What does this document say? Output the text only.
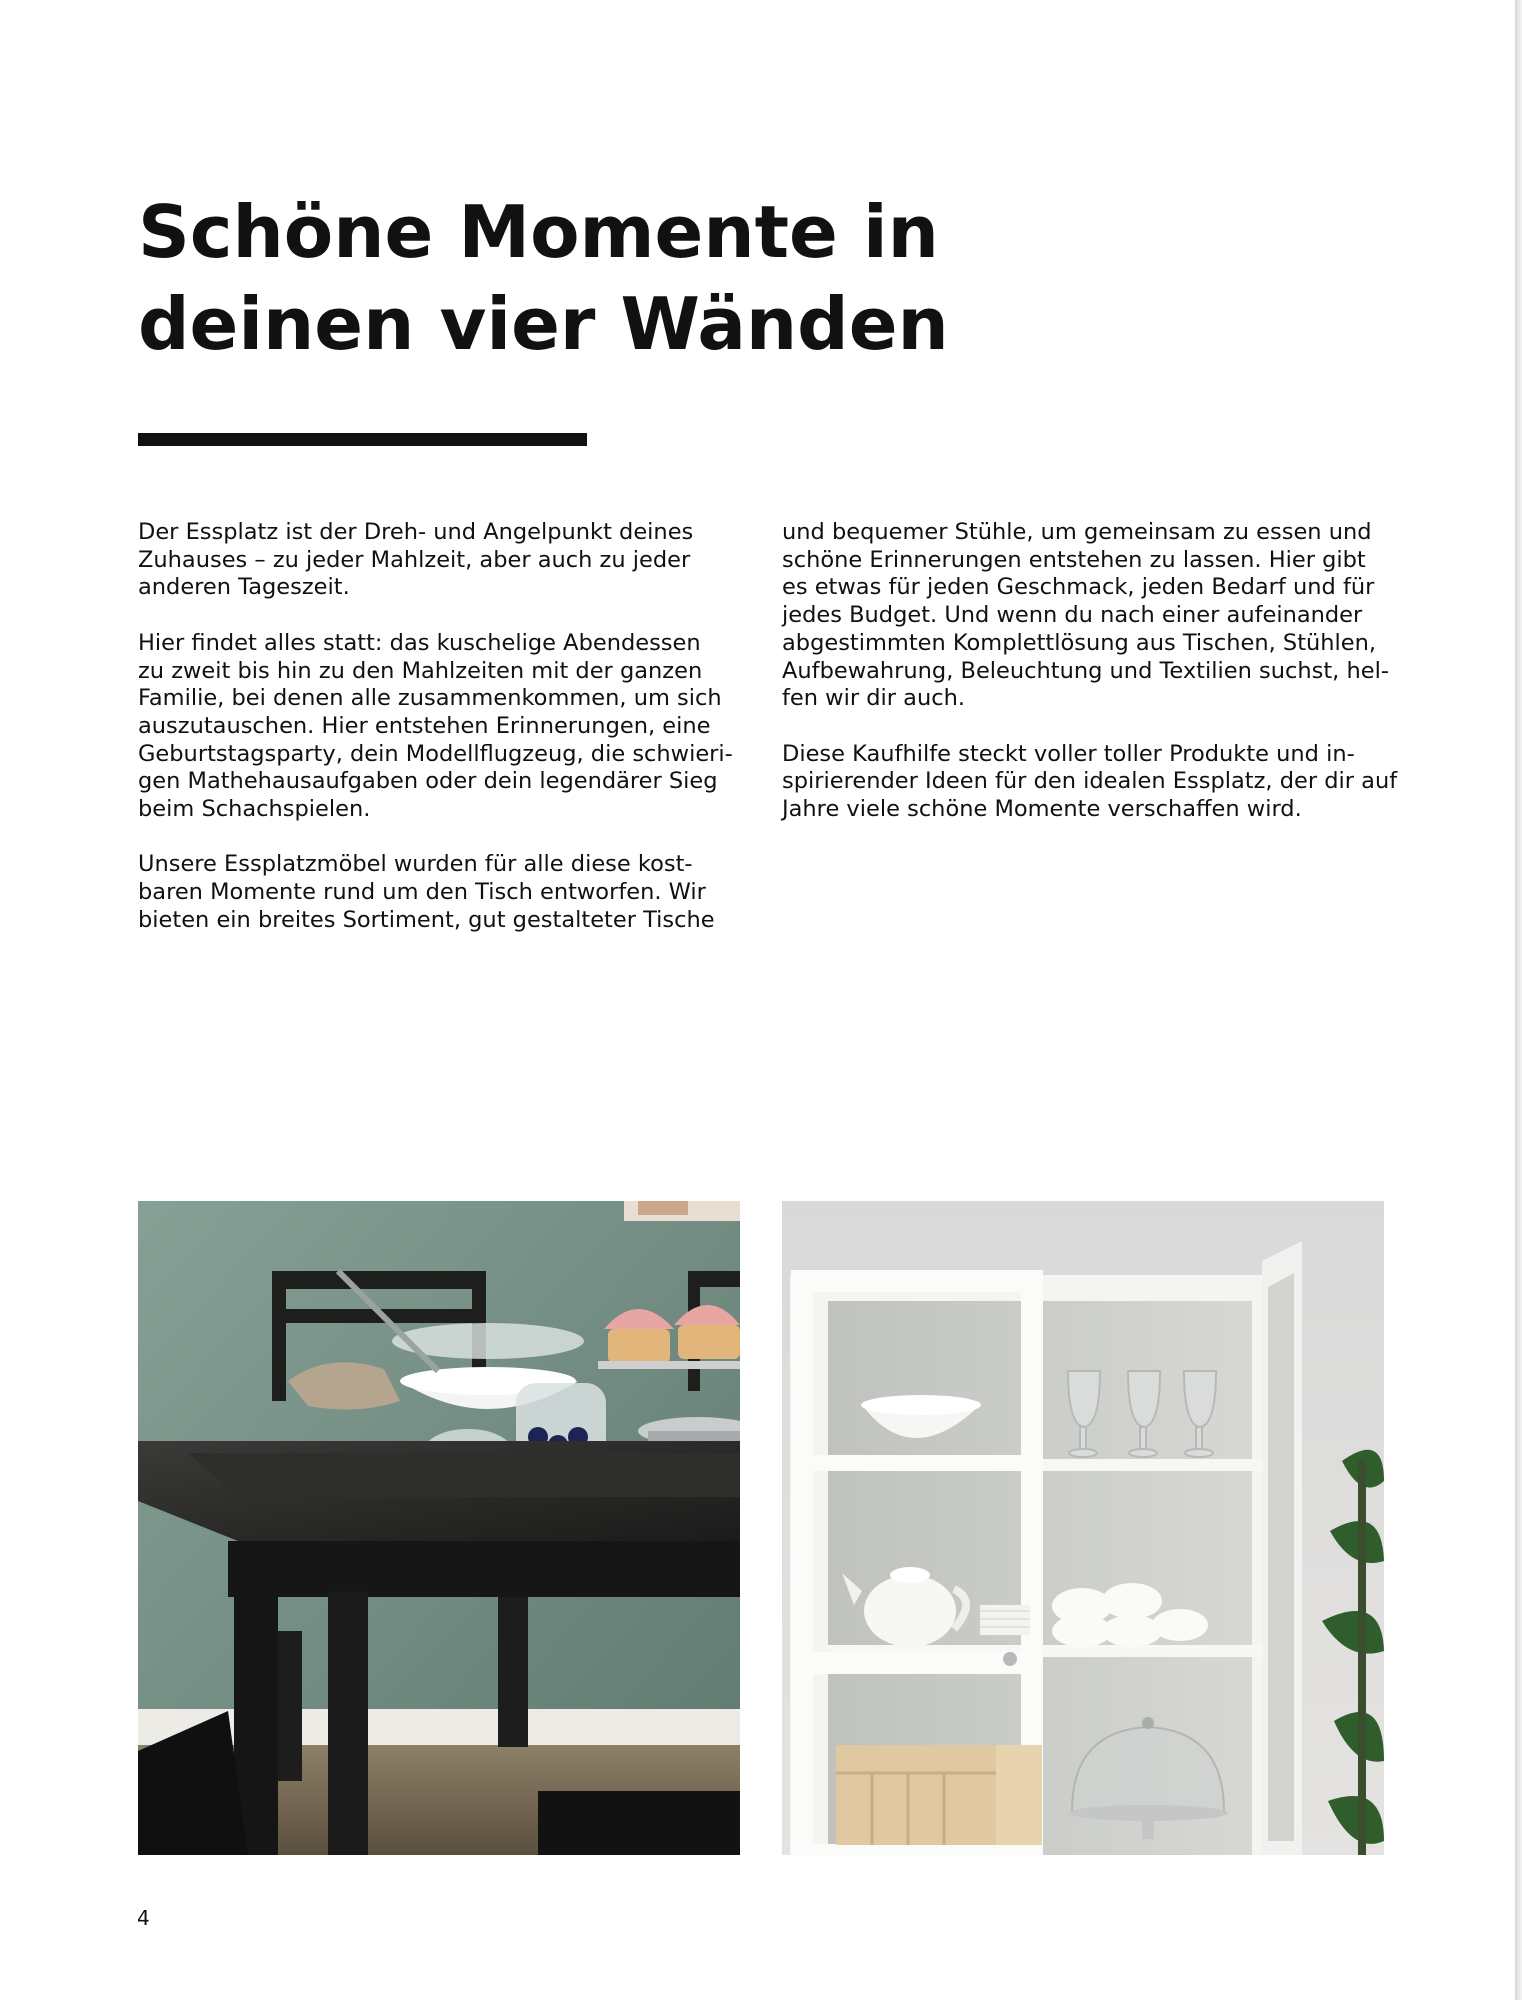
Schöne Momente in
deinen vier Wänden

Der Essplatz ist der Dreh- und Angelpunkt deines
Zuhauses – zu jeder Mahlzeit, aber auch zu jeder
anderen Tageszeit.

Hier findet alles statt: das kuschelige Abendessen
zu zweit bis hin zu den Mahlzeiten mit der ganzen
Familie, bei denen alle zusammenkommen, um sich
auszutauschen. Hier entstehen Erinnerungen, eine
Geburtstagsparty, dein Modellflugzeug, die schwieri-
gen Mathehausaufgaben oder dein legendärer Sieg
beim Schachspielen.

Unsere Essplatzmöbel wurden für alle diese kost-
baren Momente rund um den Tisch entworfen. Wir
bieten ein breites Sortiment, gut gestalteter Tische

und bequemer Stühle, um gemeinsam zu essen und
schöne Erinnerungen entstehen zu lassen. Hier gibt
es etwas für jeden Geschmack, jeden Bedarf und für
jedes Budget. Und wenn du nach einer aufeinander
abgestimmten Komplettlösung aus Tischen, Stühlen,
Aufbewahrung, Beleuchtung und Textilien suchst, hel-
fen wir dir auch.

Diese Kaufhilfe steckt voller toller Produkte und in-
spirierender Ideen für den idealen Essplatz, der dir auf
Jahre viele schöne Momente verschaffen wird.

4
